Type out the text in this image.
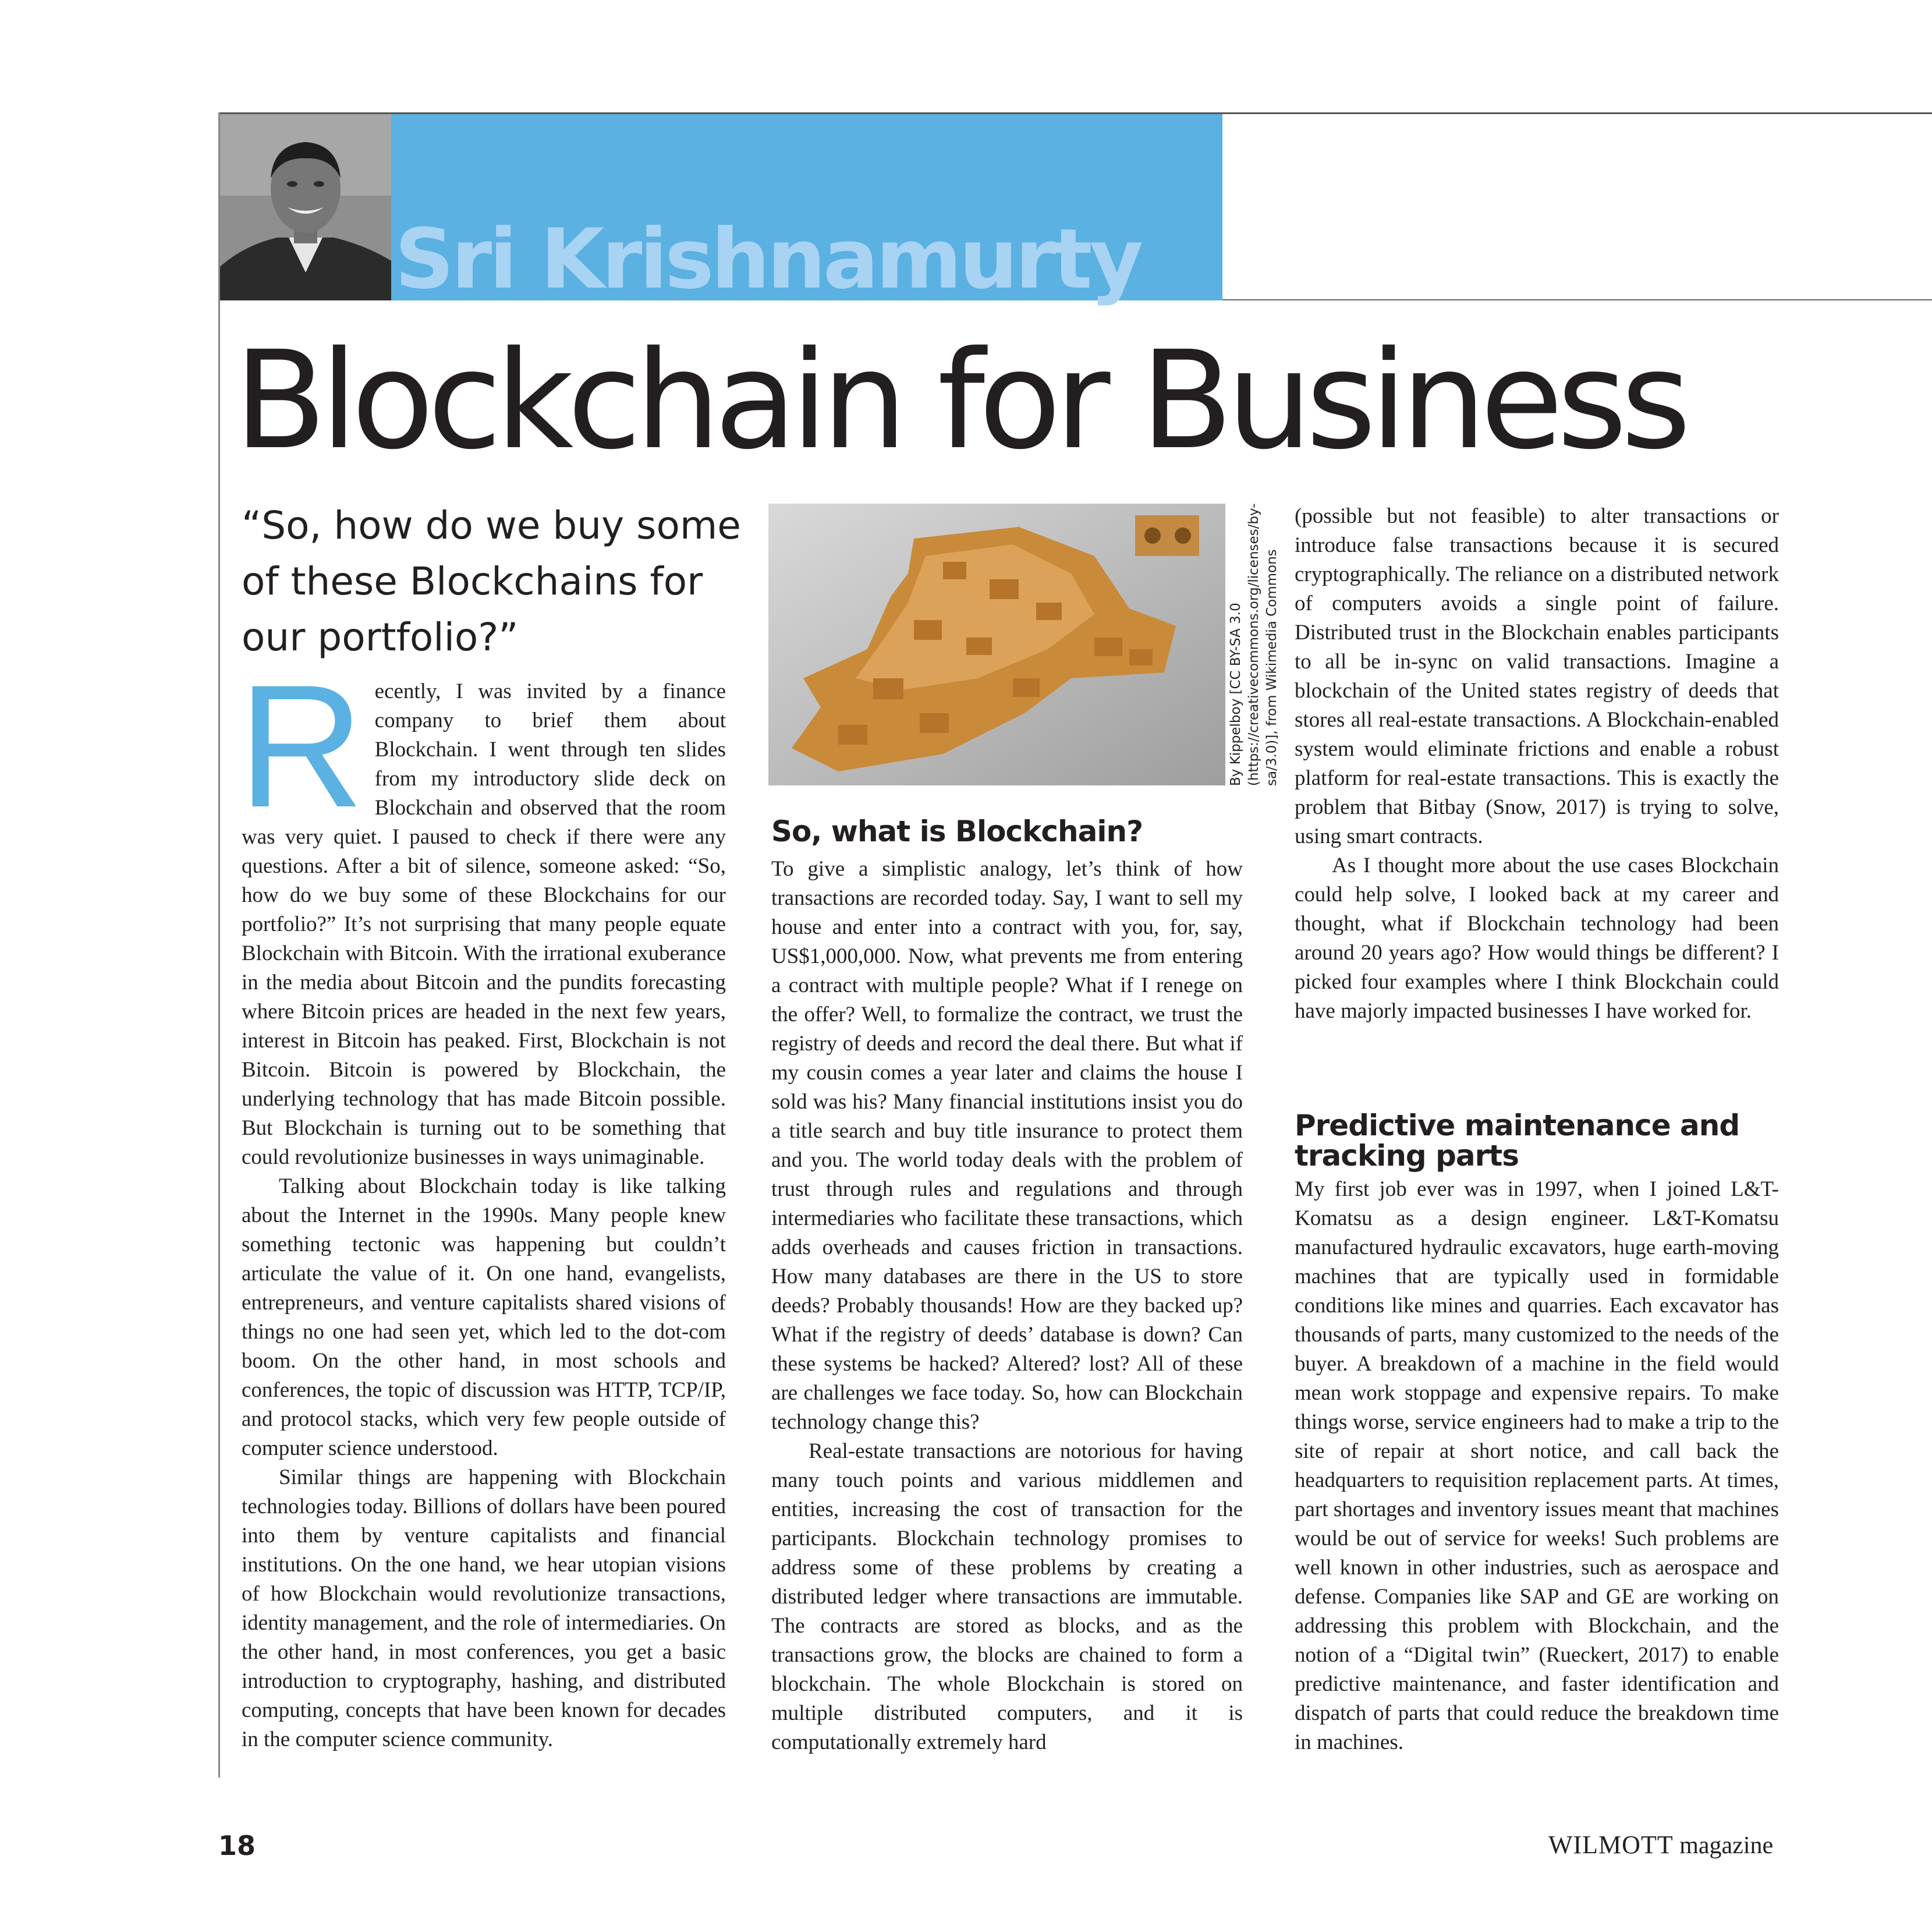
Sri Krishnamurty
Blockchain for Business
“So, how do we buy some of these Blockchains for our portfolio?”

Recently, I was invited by a finance company to brief them about Blockchain. I went through ten slides from my introductory slide deck on Blockchain and observed that the room was very quiet. I paused to check if there were any questions. After a bit of silence, someone asked: “So, how do we buy some of these Blockchains for our portfolio?” It’s not surprising that many people equate Blockchain with Bitcoin. With the irrational exuberance in the media about Bitcoin and the pundits forecasting where Bitcoin prices are headed in the next few years, interest in Bitcoin has peaked. First, Blockchain is not Bitcoin. Bitcoin is powered by Blockchain, the underlying technology that has made Bitcoin possible. But Blockchain is turning out to be something that could revolutionize businesses in ways unimaginable.

Talking about Blockchain today is like talking about the Internet in the 1990s. Many people knew something tectonic was happening but couldn’t articulate the value of it. On one hand, evangelists, entrepreneurs, and venture capitalists shared visions of things no one had seen yet, which led to the dot-com boom. On the other hand, in most schools and conferences, the topic of discussion was HTTP, TCP/IP, and protocol stacks, which very few people outside of computer science understood.

Similar things are happening with Blockchain technologies today. Billions of dollars have been poured into them by venture capitalists and financial institutions. On the one hand, we hear utopian visions of how Blockchain would revolutionize transactions, identity management, and the role of intermediaries. On the other hand, in most conferences, you get a basic introduction to cryptography, hashing, and distributed computing, concepts that have been known for decades in the computer science community.

By Kippelboy [CC BY-SA 3.0 (https://creativecommons.org/licenses/by-sa/3.0)], from Wikimedia Commons
So, what is Blockchain?

To give a simplistic analogy, let’s think of how transactions are recorded today. Say, I want to sell my house and enter into a contract with you, for, say, US$1,000,000. Now, what prevents me from entering a contract with multiple people? What if I renege on the offer? Well, to formalize the contract, we trust the registry of deeds and record the deal there. But what if my cousin comes a year later and claims the house I sold was his? Many financial institutions insist you do a title search and buy title insurance to protect them and you. The world today deals with the problem of trust through rules and regulations and through intermediaries who facilitate these transactions, which adds overheads and causes friction in transactions. How many databases are there in the US to store deeds? Probably thousands! How are they backed up? What if the registry of deeds’ database is down? Can these systems be hacked? Altered? lost? All of these are challenges we face today. So, how can Blockchain technology change this?

Real-estate transactions are notorious for having many touch points and various middlemen and entities, increasing the cost of transaction for the participants. Blockchain technology promises to address some of these problems by creating a distributed ledger where transactions are immutable. The contracts are stored as blocks, and as the transactions grow, the blocks are chained to form a blockchain. The whole Blockchain is stored on multiple distributed computers, and it is computationally extremely hard

(possible but not feasible) to alter transactions or introduce false transactions because it is secured cryptographically. The reliance on a distributed network of computers avoids a single point of failure. Distributed trust in the Blockchain enables participants to all be in-sync on valid transactions. Imagine a blockchain of the United states registry of deeds that stores all real-estate transactions. A Blockchain-enabled system would eliminate frictions and enable a robust platform for real-estate transactions. This is exactly the problem that Bitbay (Snow, 2017) is trying to solve, using smart contracts.

As I thought more about the use cases Blockchain could help solve, I looked back at my career and thought, what if Blockchain technology had been around 20 years ago? How would things be different? I picked four examples where I think Blockchain could have majorly impacted businesses I have worked for.

Predictive maintenance and tracking parts

My first job ever was in 1997, when I joined L&T-Komatsu as a design engineer. L&T-Komatsu manufactured hydraulic excavators, huge earth-moving machines that are typically used in formidable conditions like mines and quarries. Each excavator has thousands of parts, many customized to the needs of the buyer. A breakdown of a machine in the field would mean work stoppage and expensive repairs. To make things worse, service engineers had to make a trip to the site of repair at short notice, and call back the headquarters to requisition replacement parts. At times, part shortages and inventory issues meant that machines would be out of service for weeks! Such problems are well known in other industries, such as aerospace and defense. Companies like SAP and GE are working on addressing this problem with Blockchain, and the notion of a “Digital twin” (Rueckert, 2017) to enable predictive maintenance, and faster identification and dispatch of parts that could reduce the breakdown time in machines.

18	WILMOTT magazine
